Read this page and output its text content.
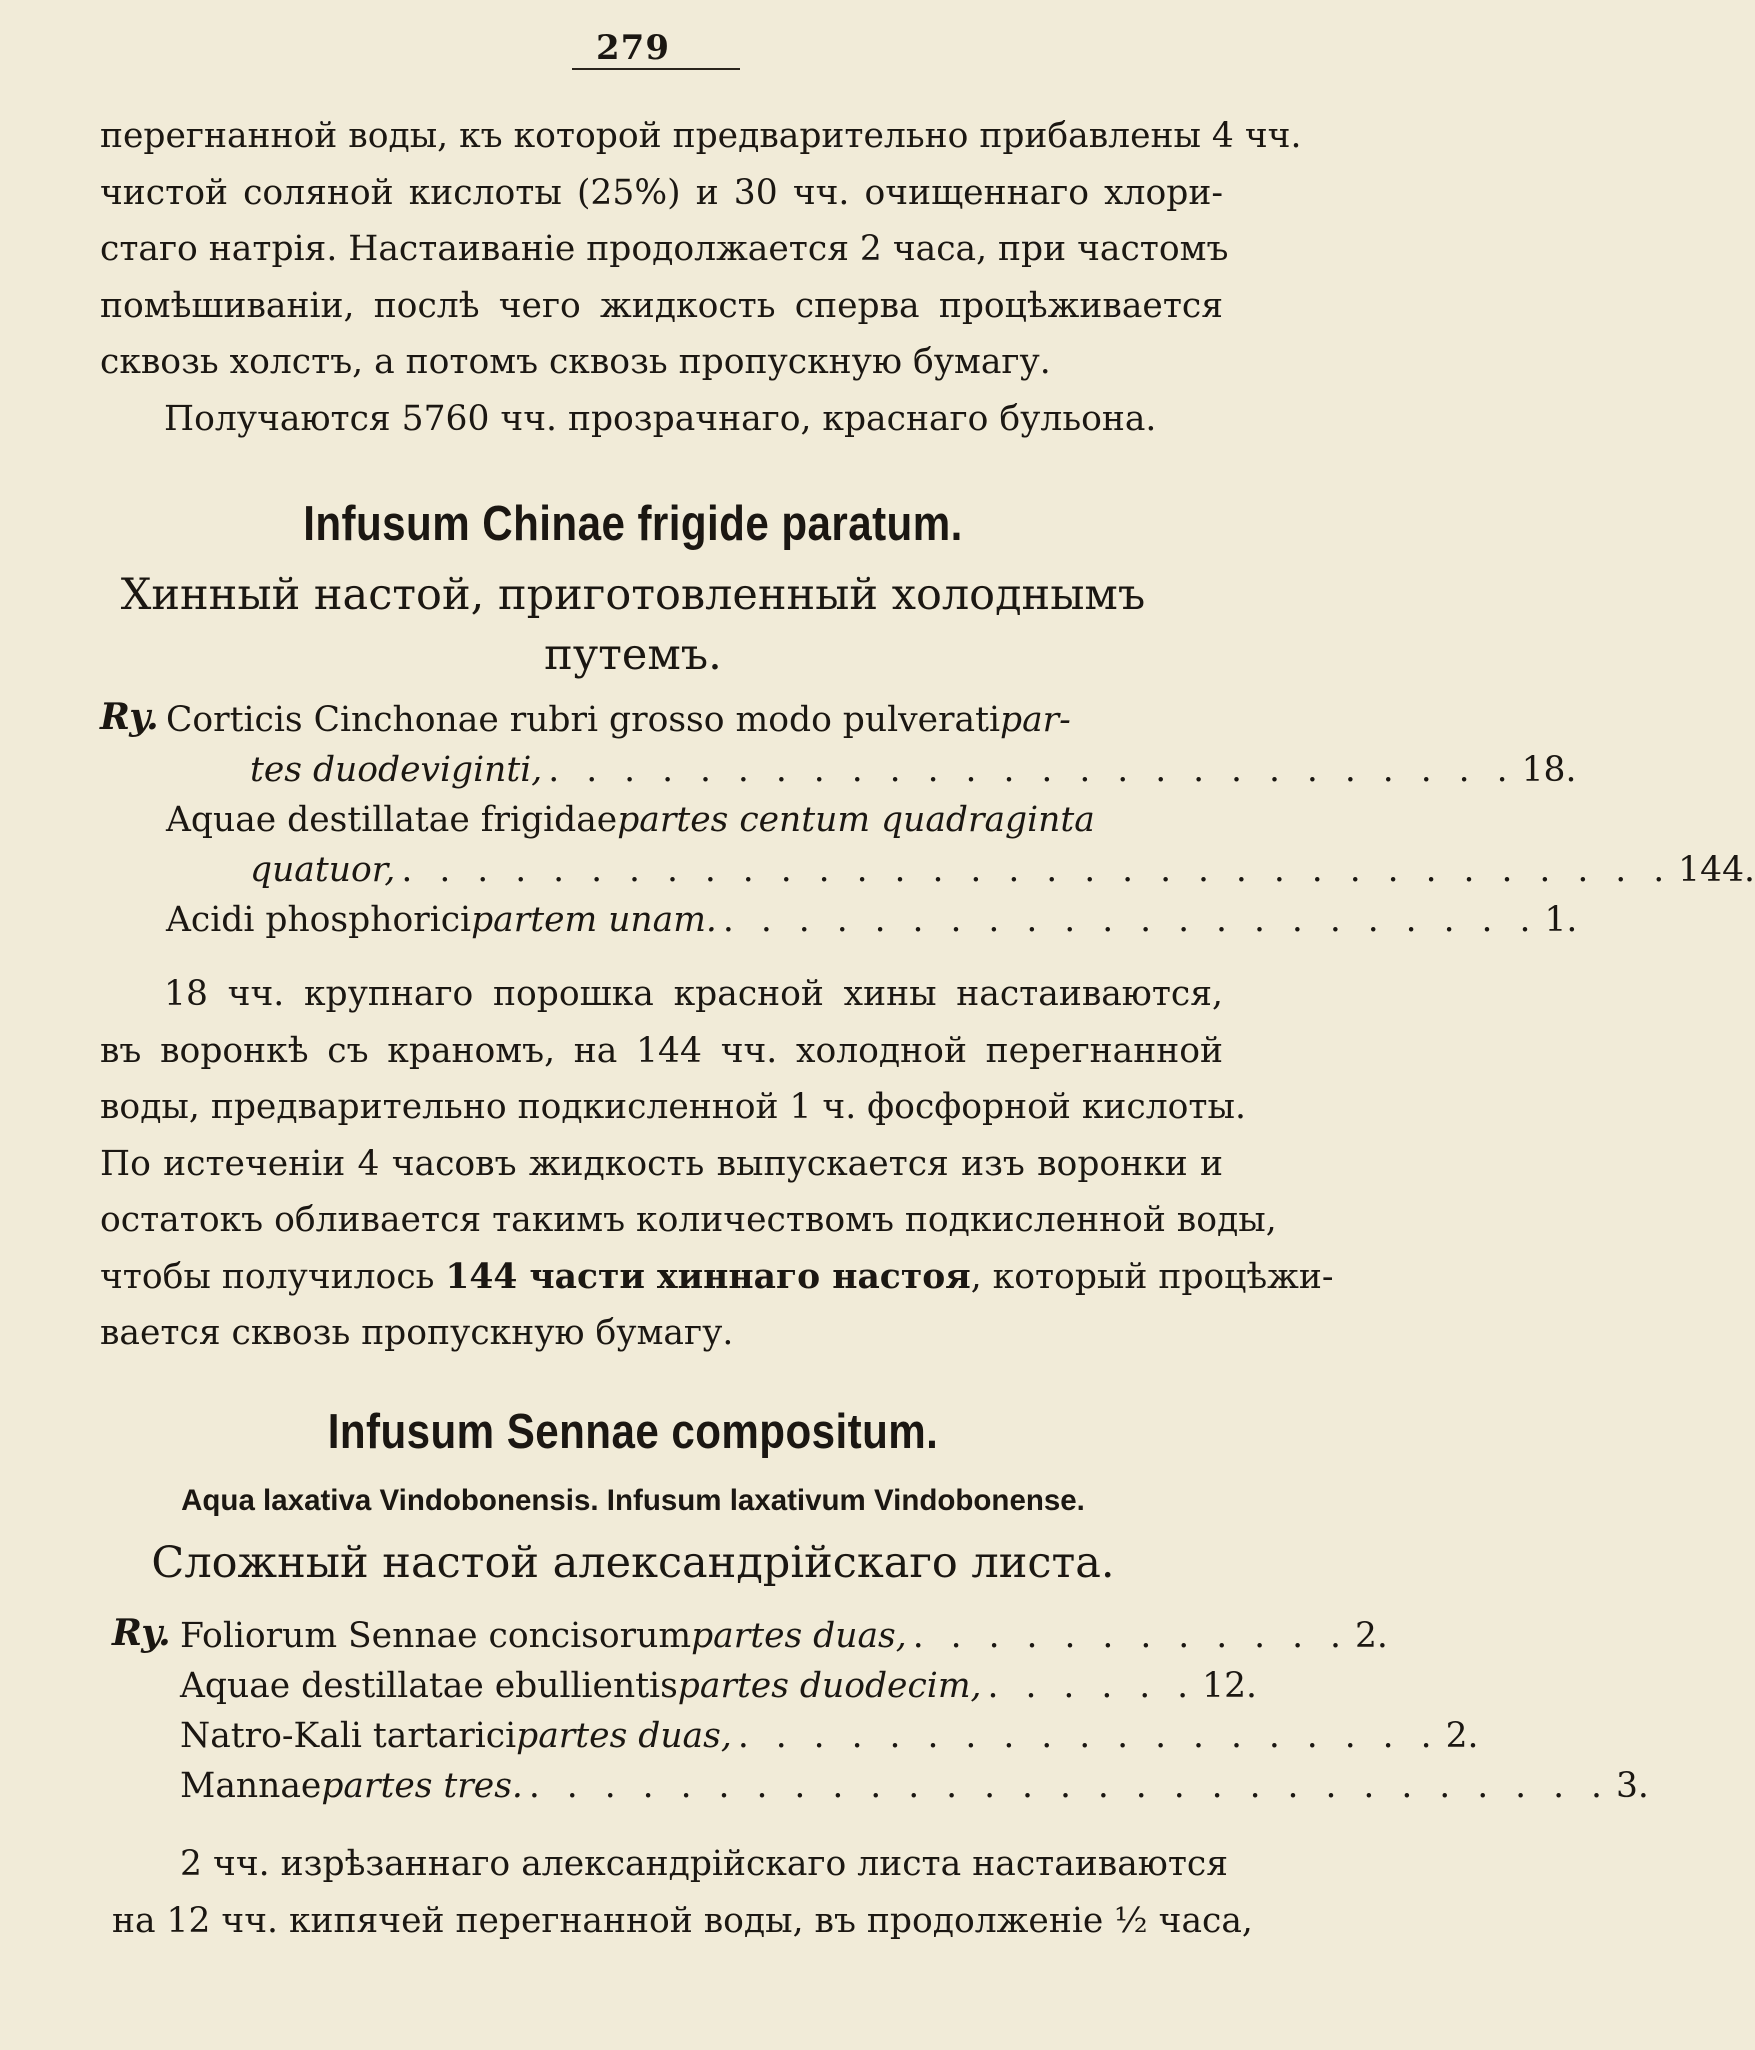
279
перегнанной воды, къ которой предварительно прибавлены 4 чч.
чистой соляной кислоты (25%) и 30 чч. очищеннаго хлори-
стаго натрія. Настаиваніе продолжается 2 часа, при частомъ
помѣшиваніи, послѣ чего жидкость сперва процѣживается
сквозь холстъ, а потомъ сквозь пропускную бумагу.
Получаются 5760 чч. прозрачнаго, краснаго бульона.
Infusum Chinae frigide paratum.
Хинный настой, приготовленный холоднымъ
путемъ.
Ry. Corticis Cinchonae rubri grosso modo pulverati par-
tes duodeviginti, . . . . . . . . . . . . . . . . . . . . . . . . . . 18.
Aquae destillatae frigidae partes centum quadraginta
quatuor, . . . . . . . . . . . . . . . . . . . . . . . . . . . . . . . . . . 144.
Acidi phosphorici partem unam. . . . . . . . . . . . . . . . . . . . . . . 1.
18 чч. крупнаго порошка красной хины настаиваются,
въ воронкѣ съ краномъ, на 144 чч. холодной перегнанной
воды, предварительно подкисленной 1 ч. фосфорной кислоты.
По истеченіи 4 часовъ жидкость выпускается изъ воронки и
остатокъ обливается такимъ количествомъ подкисленной воды,
чтобы получилось 144 части хиннаго настоя, который процѣжи-
вается сквозь пропускную бумагу.
Infusum Sennae compositum.
Aqua laxativa Vindobonensis. Infusum laxativum Vindobonense.
Сложный настой александрійскаго листа.
Ry. Foliorum Sennae concisorum partes duas, . . . . . . . . . . . . 2.
Aquae destillatae ebullientis partes duodecim, . . . . . . 12.
Natro-Kali tartarici partes duas, . . . . . . . . . . . . . . . . . . . 2.
Mannae partes tres. . . . . . . . . . . . . . . . . . . . . . . . . . . . . . 3.
2 чч. изрѣзаннаго александрійскаго листа настаиваются
на 12 чч. кипячей перегнанной воды, въ продолженіе ½ часа,
